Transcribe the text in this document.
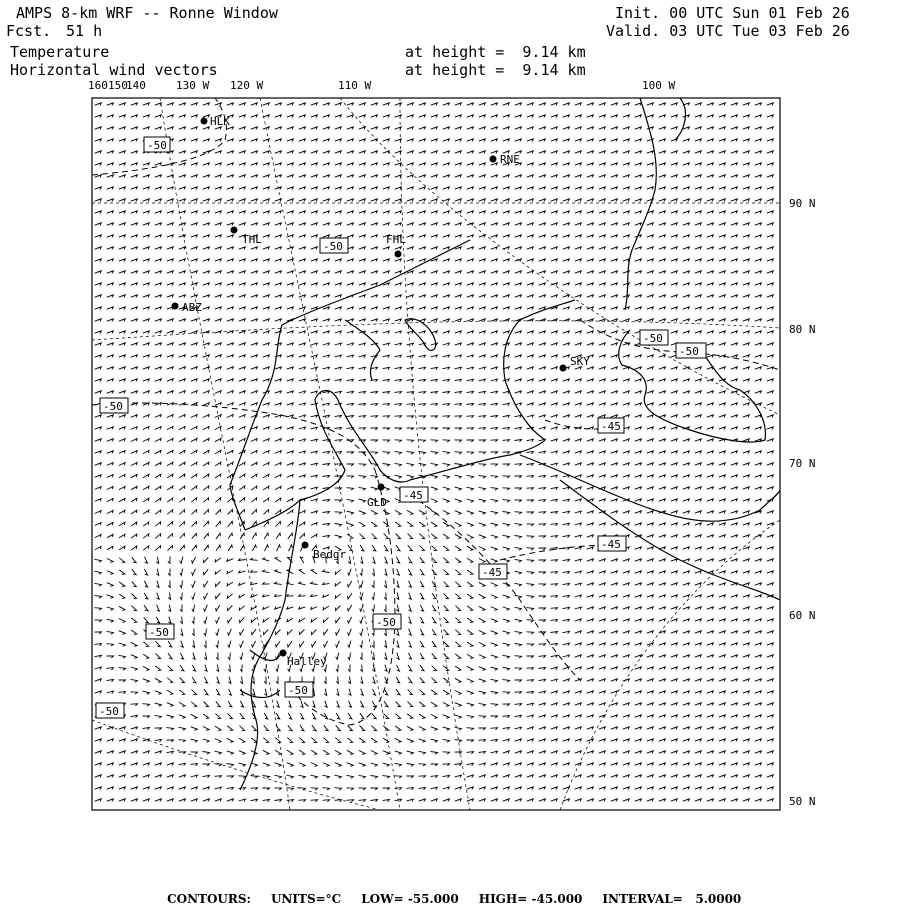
AMPS 8-km WRF -- Ronne Window
Fcst. 51 h
Temperature
Horizontal wind vectors
Init. 00 UTC Sun 01 Feb 26
Valid. 03 UTC Tue 03 Feb 26
at height =  9.14 km
at height =  9.14 km
160 150
140	130 W 120 W	110 W	100 W
90 N
80 N
70 N
60 N
50 N
HLK
RNE
THL	FHL
ABZ
SKY
GLD
Bedgr
Halley
-50
-50
-50
-50
-50
-50
-50
-50
-45
-45
-45
-45
-50

CONTOURS: UNITS=°C LOW= -55.000 HIGH= -45.000 INTERVAL=   5.0000
